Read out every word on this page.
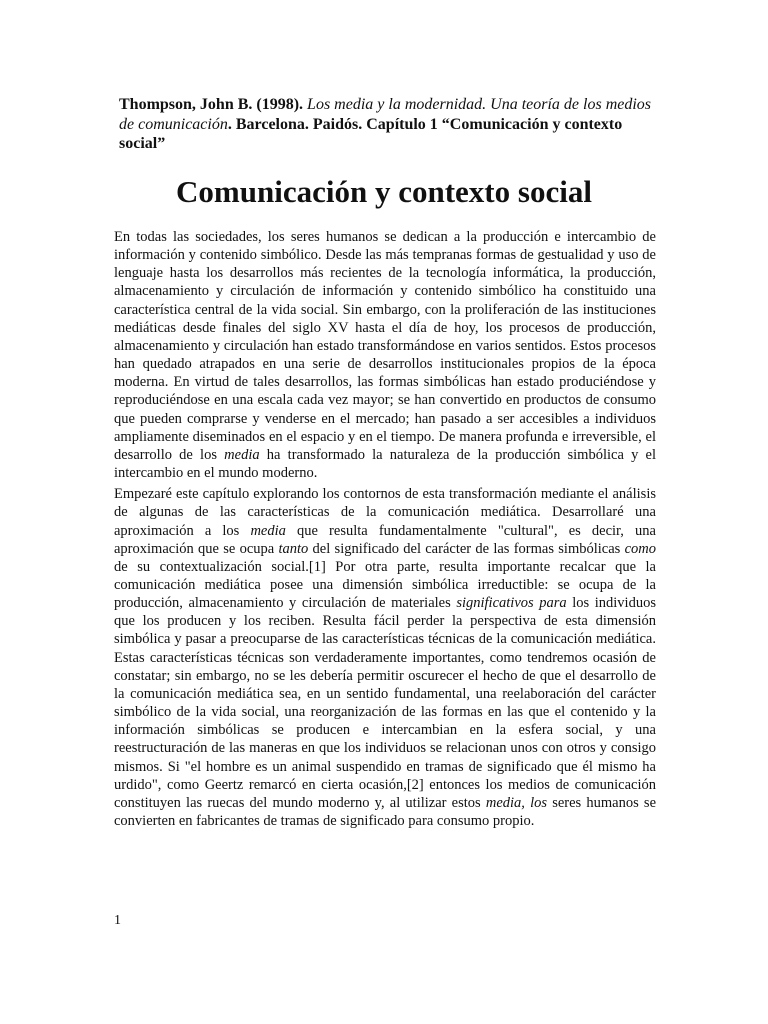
Thompson, John B. (1998). Los media y la modernidad. Una teoría de los medios de comunicación. Barcelona. Paidós. Capítulo 1 “Comunicación y contexto social”

Comunicación y contexto social

En todas las sociedades, los seres humanos se dedican a la producción e intercambio de información y contenido simbólico. Desde las más tempranas formas de gestualidad y uso de lenguaje hasta los desarrollos más recientes de la tecnología informática, la producción, almacenamiento y circulación de información y contenido simbólico ha constituido una característica central de la vida social. Sin embargo, con la proliferación de las instituciones mediáticas desde finales del siglo XV hasta el día de hoy, los procesos de producción, almacenamiento y circulación han estado transformándose en varios sentidos. Estos procesos han quedado atrapados en una serie de desarrollos institucionales propios de la época moderna. En virtud de tales desarrollos, las formas simbólicas han estado produciéndose y reproduciéndose en una escala cada vez mayor; se han convertido en productos de consumo que pueden comprarse y venderse en el mercado; han pasado a ser accesibles a individuos ampliamente diseminados en el espacio y en el tiempo. De manera profunda e irreversible, el desarrollo de los media ha transformado la naturaleza de la producción simbólica y el intercambio en el mundo moderno.

Empezaré este capítulo explorando los contornos de esta transformación mediante el análisis de algunas de las características de la comunicación mediática. Desarrollaré una aproximación a los media que resulta fundamentalmente "cultural", es decir, una aproximación que se ocupa tanto del significado del carácter de las formas simbólicas como de su contextualización social.[1] Por otra parte, resulta importante recalcar que la comunicación mediática posee una dimensión simbólica irreductible: se ocupa de la producción, almacenamiento y circulación de materiales significativos para los individuos que los producen y los reciben. Resulta fácil perder la perspectiva de esta dimensión simbólica y pasar a preocuparse de las características técnicas de la comunicación mediática. Estas características técnicas son verdaderamente importantes, como tendremos ocasión de constatar; sin embargo, no se les debería permitir oscurecer el hecho de que el desarrollo de la comunicación mediática sea, en un sentido fundamental, una reelaboración del carácter simbólico de la vida social, una reorganización de las formas en las que el contenido y la información simbólicas se producen e intercambian en la esfera social, y una reestructuración de las maneras en que los individuos se relacionan unos con otros y consigo mismos. Si "el hombre es un animal suspendido en tramas de significado que él mismo ha urdido", como Geertz remarcó en cierta ocasión,[2] entonces los medios de comunicación constituyen las ruecas del mundo moderno y, al utilizar estos media, los seres humanos se convierten en fabricantes de tramas de significado para consumo propio.

1
